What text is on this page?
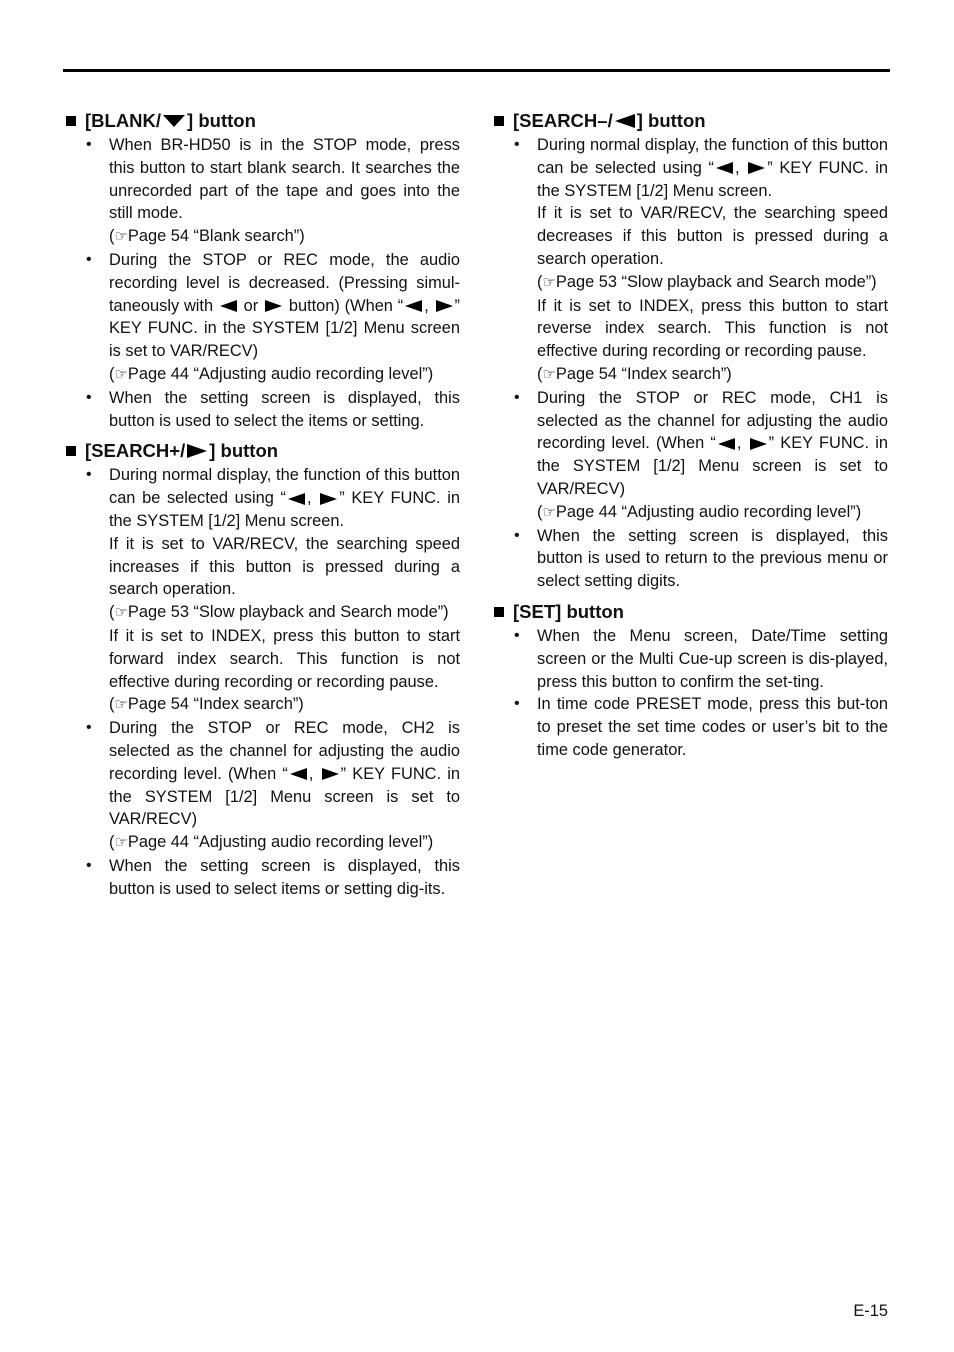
[BLANK/ ] button

• When BR-HD50 is in the STOP mode, press this button to start blank search. It searches the unrecorded part of the tape and goes into the still mode.

(☞Page 54 “Blank search”)

• During the STOP or REC mode, the audio recording level is decreased. (Pressing simul-taneously with  or  button) (When “ , ” KEY FUNC. in the SYSTEM [1/2] Menu screen is set to VAR/RECV)

(☞Page 44 “Adjusting audio recording level”)

• When the setting screen is displayed, this button is used to select the items or setting.

[SEARCH+/ ] button

• During normal display, the function of this button can be selected using “ , ” KEY FUNC. in the SYSTEM [1/2] Menu screen.

If it is set to VAR/RECV, the searching speed increases if this button is pressed during a search operation.

(☞Page 53 “Slow playback and Search mode”)

If it is set to INDEX, press this button to start forward index search. This function is not effective during recording or recording pause.

(☞Page 54 “Index search”)

• During the STOP or REC mode, CH2 is selected as the channel for adjusting the audio recording level. (When “ , ” KEY FUNC. in the SYSTEM [1/2] Menu screen is set to VAR/RECV)

(☞Page 44 “Adjusting audio recording level”)

• When the setting screen is displayed, this button is used to select items or setting dig-its.

[SEARCH–/ ] button

• During normal display, the function of this button can be selected using “ , ” KEY FUNC. in the SYSTEM [1/2] Menu screen.

If it is set to VAR/RECV, the searching speed decreases if this button is pressed during a search operation.

(☞Page 53 “Slow playback and Search mode”)

If it is set to INDEX, press this button to start reverse index search. This function is not effective during recording or recording pause.

(☞Page 54 “Index search”)

• During the STOP or REC mode, CH1 is selected as the channel for adjusting the audio recording level. (When “ , ” KEY FUNC. in the SYSTEM [1/2] Menu screen is set to VAR/RECV)

(☞Page 44 “Adjusting audio recording level”)

• When the setting screen is displayed, this button is used to return to the previous menu or select setting digits.

[SET] button

• When the Menu screen, Date/Time setting screen or the Multi Cue-up screen is dis-played, press this button to confirm the set-ting.

• In time code PRESET mode, press this but-ton to preset the set time codes or user’s bit to the time code generator.

E-15
